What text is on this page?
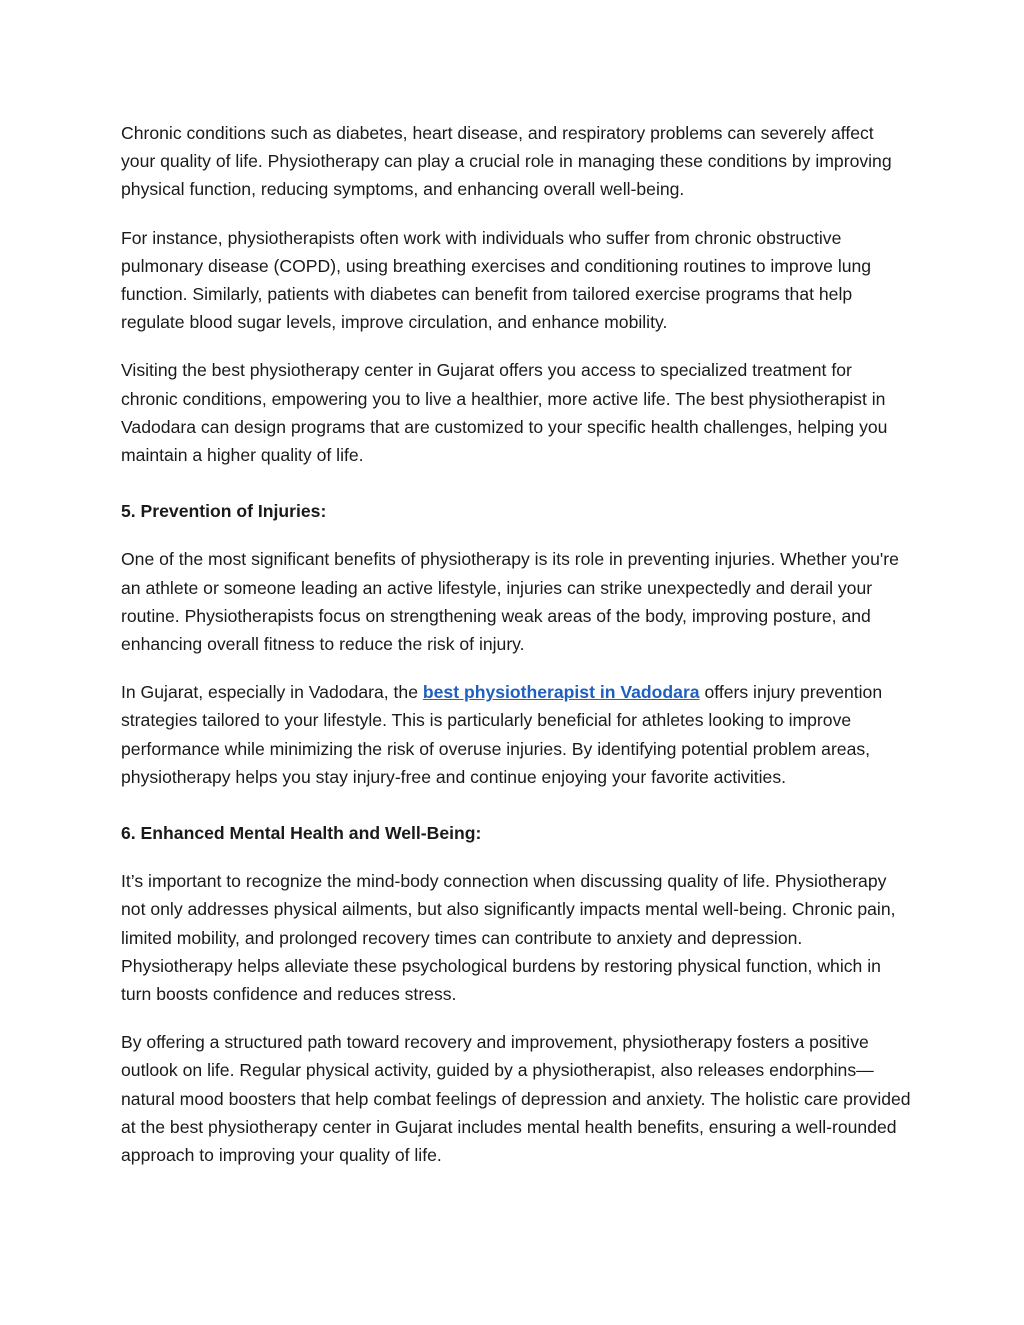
Chronic conditions such as diabetes, heart disease, and respiratory problems can severely affect your quality of life. Physiotherapy can play a crucial role in managing these conditions by improving physical function, reducing symptoms, and enhancing overall well-being.

For instance, physiotherapists often work with individuals who suffer from chronic obstructive pulmonary disease (COPD), using breathing exercises and conditioning routines to improve lung function. Similarly, patients with diabetes can benefit from tailored exercise programs that help regulate blood sugar levels, improve circulation, and enhance mobility.

Visiting the best physiotherapy center in Gujarat offers you access to specialized treatment for chronic conditions, empowering you to live a healthier, more active life. The best physiotherapist in Vadodara can design programs that are customized to your specific health challenges, helping you maintain a higher quality of life.

5. Prevention of Injuries:

One of the most significant benefits of physiotherapy is its role in preventing injuries. Whether you're an athlete or someone leading an active lifestyle, injuries can strike unexpectedly and derail your routine. Physiotherapists focus on strengthening weak areas of the body, improving posture, and enhancing overall fitness to reduce the risk of injury.

In Gujarat, especially in Vadodara, the best physiotherapist in Vadodara offers injury prevention strategies tailored to your lifestyle. This is particularly beneficial for athletes looking to improve performance while minimizing the risk of overuse injuries. By identifying potential problem areas, physiotherapy helps you stay injury-free and continue enjoying your favorite activities.

6. Enhanced Mental Health and Well-Being:

It’s important to recognize the mind-body connection when discussing quality of life. Physiotherapy not only addresses physical ailments, but also significantly impacts mental well-being. Chronic pain, limited mobility, and prolonged recovery times can contribute to anxiety and depression. Physiotherapy helps alleviate these psychological burdens by restoring physical function, which in turn boosts confidence and reduces stress.

By offering a structured path toward recovery and improvement, physiotherapy fosters a positive outlook on life. Regular physical activity, guided by a physiotherapist, also releases endorphins—natural mood boosters that help combat feelings of depression and anxiety. The holistic care provided at the best physiotherapy center in Gujarat includes mental health benefits, ensuring a well-rounded approach to improving your quality of life.
